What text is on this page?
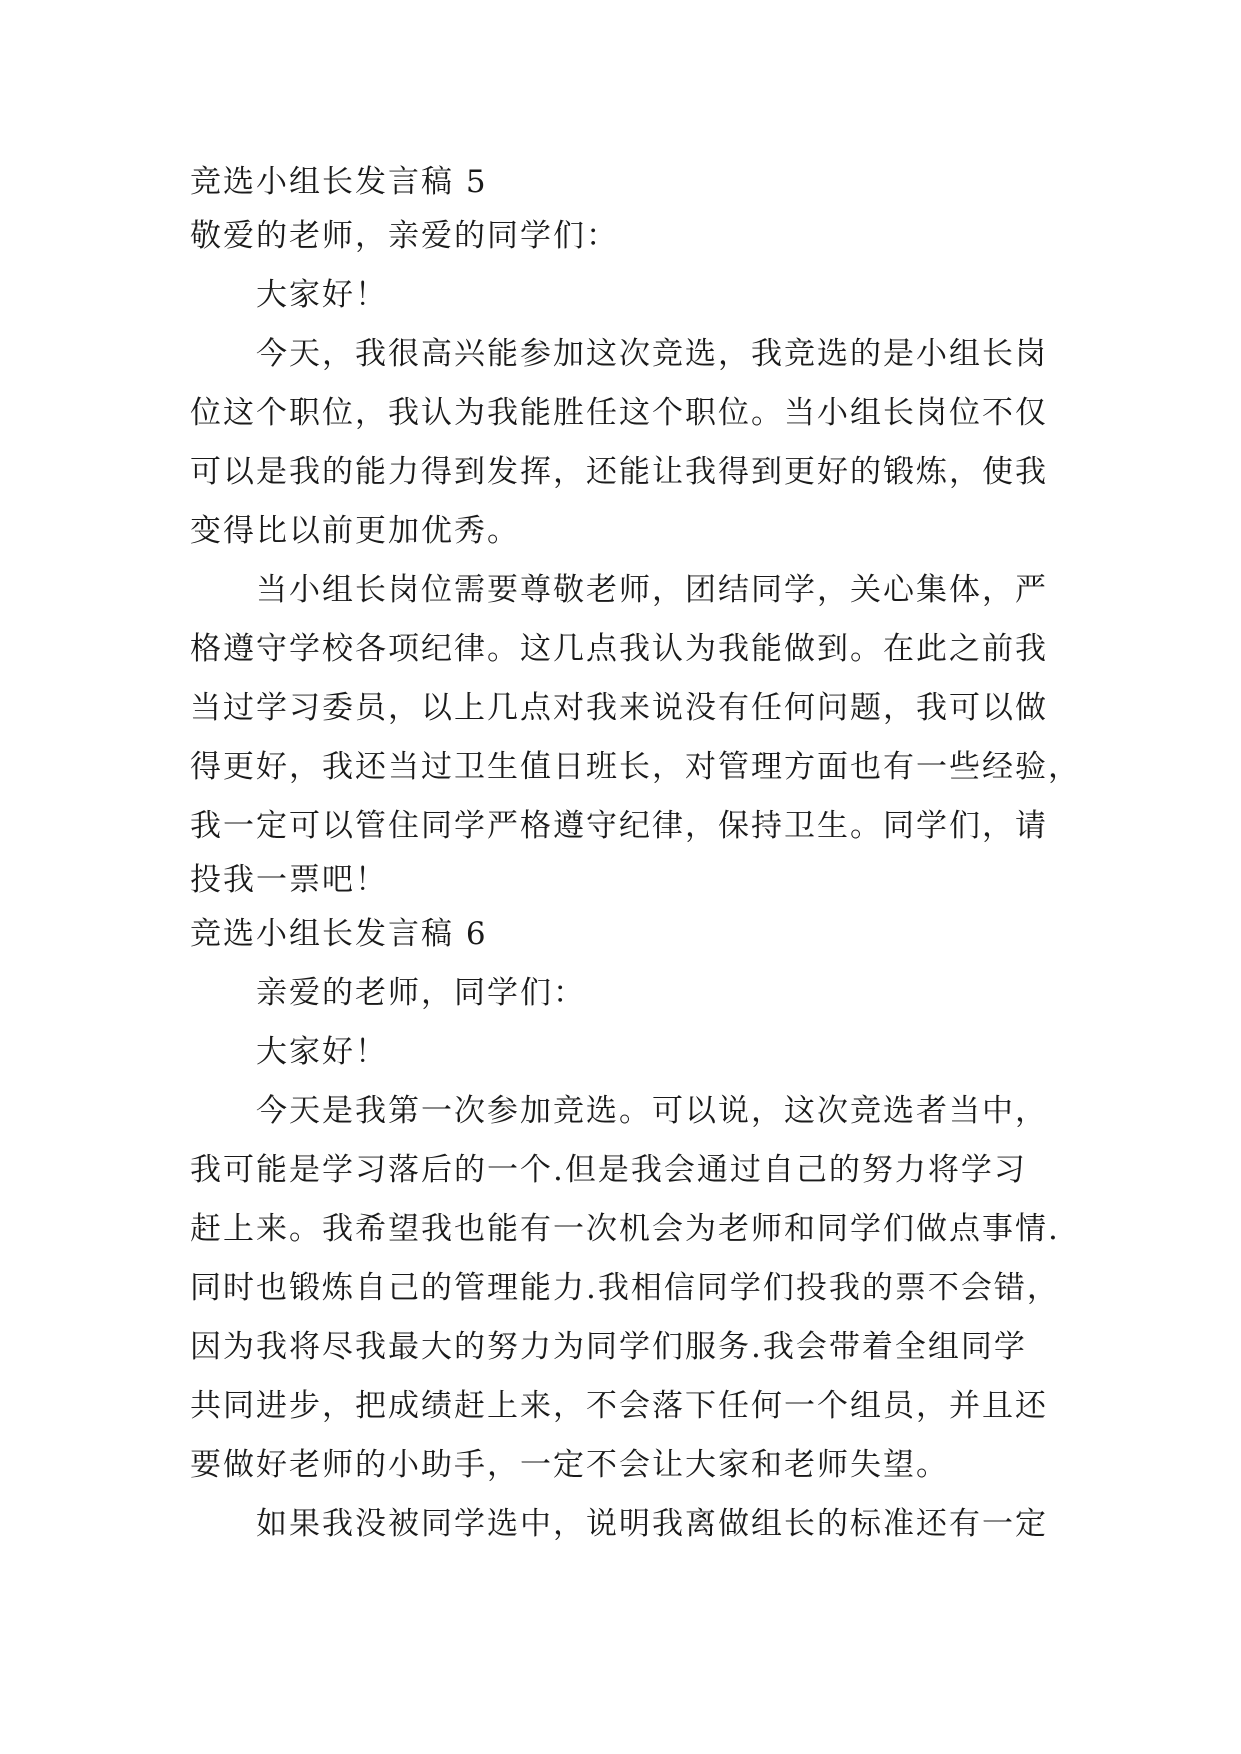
竞选小组长发言稿 5
敬爱的老师，亲爱的同学们：
大家好！
今天，我很高兴能参加这次竞选，我竞选的是小组长岗
位这个职位，我认为我能胜任这个职位。当小组长岗位不仅
可以是我的能力得到发挥，还能让我得到更好的锻炼，使我
变得比以前更加优秀。
当小组长岗位需要尊敬老师，团结同学，关心集体，严
格遵守学校各项纪律。这几点我认为我能做到。在此之前我
当过学习委员，以上几点对我来说没有任何问题，我可以做
得更好，我还当过卫生值日班长，对管理方面也有一些经验，
我一定可以管住同学严格遵守纪律，保持卫生。同学们，请
投我一票吧！
竞选小组长发言稿 6
亲爱的老师，同学们：
大家好！
今天是我第一次参加竞选。可以说，这次竞选者当中，
我可能是学习落后的一个.但是我会通过自己的努力将学习
赶上来。我希望我也能有一次机会为老师和同学们做点事情.
同时也锻炼自己的管理能力.我相信同学们投我的票不会错，
因为我将尽我最大的努力为同学们服务.我会带着全组同学
共同进步，把成绩赶上来，不会落下任何一个组员，并且还
要做好老师的小助手，一定不会让大家和老师失望。
如果我没被同学选中，说明我离做组长的标准还有一定
